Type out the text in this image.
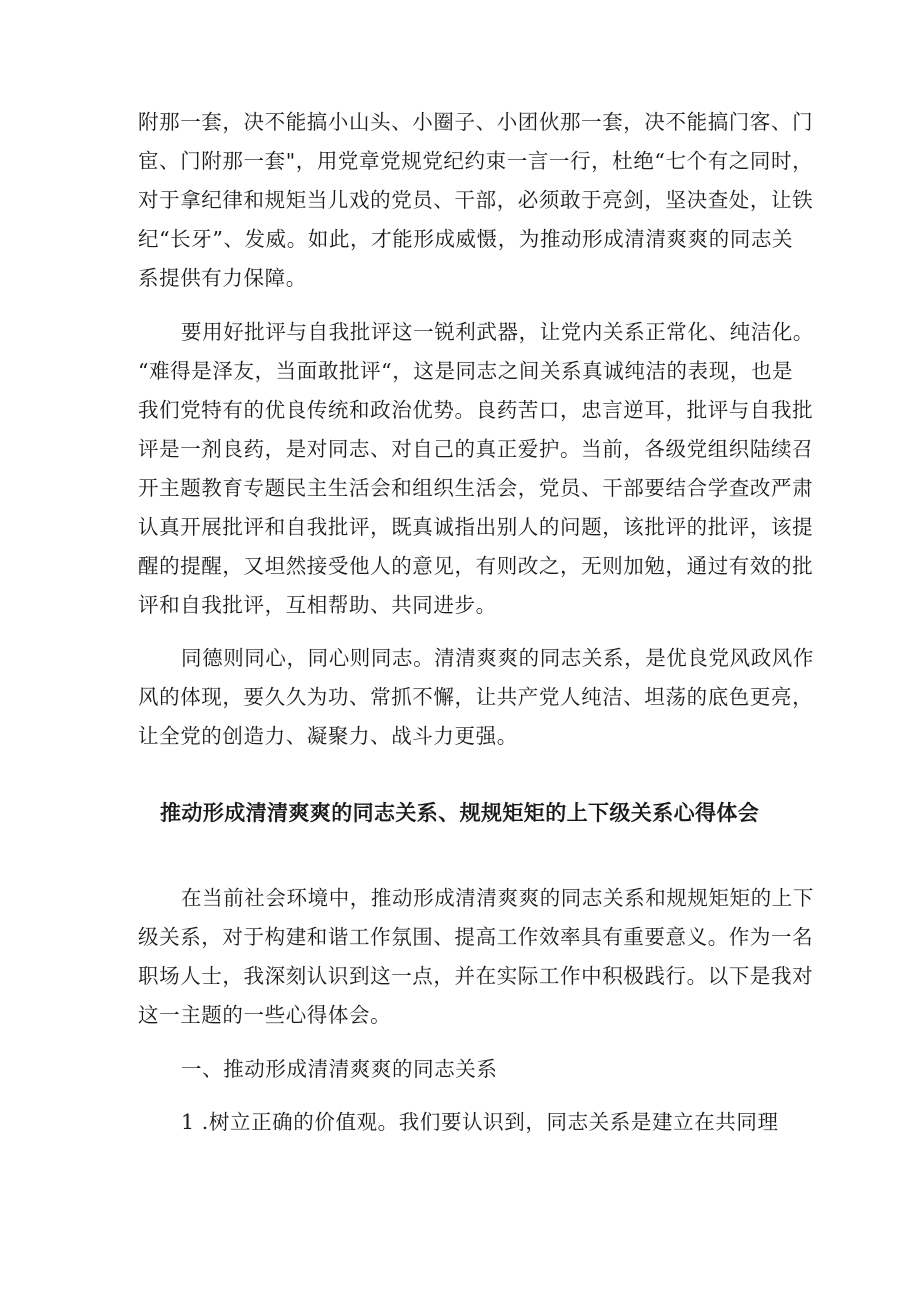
附那一套，决不能搞小山头、小圈子、小团伙那一套，决不能搞门客、门
宦、门附那一套"，用党章党规党纪约束一言一行，杜绝“七个有之同时，
对于拿纪律和规矩当儿戏的党员、干部，必须敢于亮剑，坚决查处，让铁
纪“长牙”、发威。如此，才能形成威慑，为推动形成清清爽爽的同志关
系提供有力保障。
要用好批评与自我批评这一锐利武器，让党内关系正常化、纯洁化。
“难得是泽友，当面敢批评“，这是同志之间关系真诚纯洁的表现，也是
我们党特有的优良传统和政治优势。良药苦口，忠言逆耳，批评与自我批
评是一剂良药，是对同志、对自己的真正爱护。当前，各级党组织陆续召
开主题教育专题民主生活会和组织生活会，党员、干部要结合学查改严肃
认真开展批评和自我批评，既真诚指出别人的问题，该批评的批评，该提
醒的提醒，又坦然接受他人的意见，有则改之，无则加勉，通过有效的批
评和自我批评，互相帮助、共同进步。
同德则同心，同心则同志。清清爽爽的同志关系，是优良党风政风作
风的体现，要久久为功、常抓不懈，让共产党人纯洁、坦荡的底色更亮，
让全党的创造力、凝聚力、战斗力更强。
推动形成清清爽爽的同志关系、规规矩矩的上下级关系心得体会
在当前社会环境中，推动形成清清爽爽的同志关系和规规矩矩的上下
级关系，对于构建和谐工作氛围、提高工作效率具有重要意义。作为一名
职场人士，我深刻认识到这一点，并在实际工作中积极践行。以下是我对
这一主题的一些心得体会。
一、推动形成清清爽爽的同志关系
1 .树立正确的价值观。我们要认识到，同志关系是建立在共同理
